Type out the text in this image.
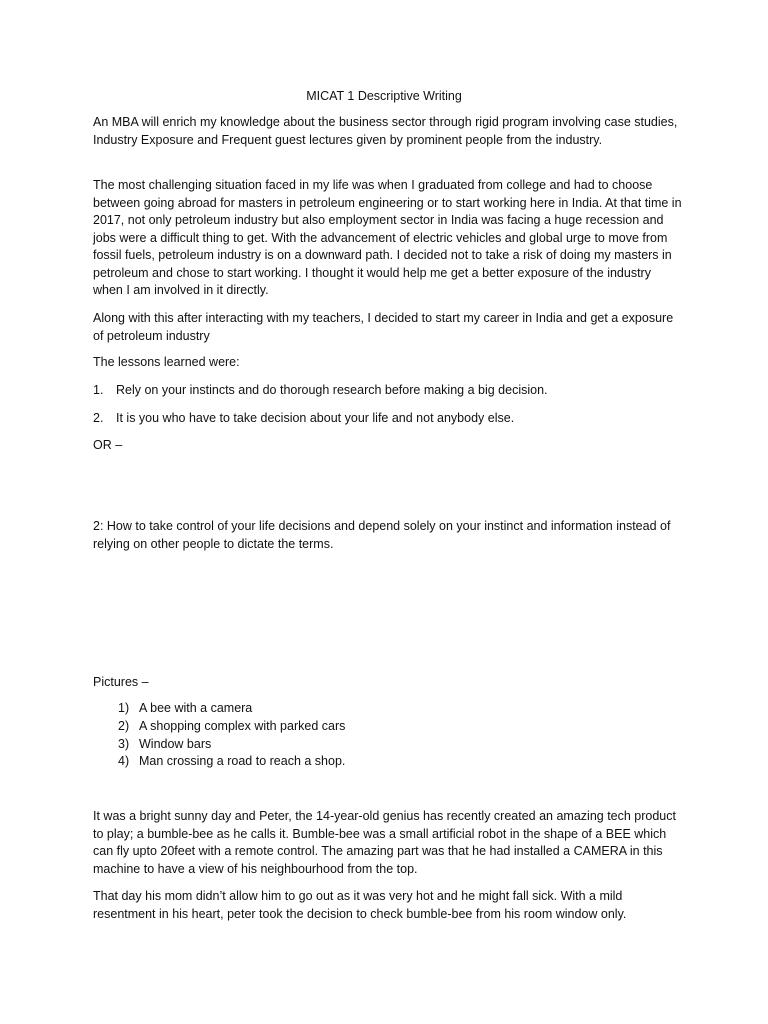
MICAT 1 Descriptive Writing

An MBA will enrich my knowledge about the business sector through rigid program involving case studies, Industry Exposure and Frequent guest lectures given by prominent people from the industry.

The most challenging situation faced in my life was when I graduated from college and had to choose between going abroad for masters in petroleum engineering or to start working here in India. At that time in 2017, not only petroleum industry but also employment sector in India was facing a huge recession and jobs were a difficult thing to get. With the advancement of electric vehicles and global urge to move from fossil fuels, petroleum industry is on a downward path. I decided not to take a risk of doing my masters in petroleum and chose to start working. I thought it would help me get a better exposure of the industry when I am involved in it directly.

Along with this after interacting with my teachers, I decided to start my career in India and get a exposure of petroleum industry

The lessons learned were:

1. Rely on your instincts and do thorough research before making a big decision.
2. It is you who have to take decision about your life and not anybody else.

OR –

2: How to take control of your life decisions and depend solely on your instinct and information instead of relying on other people to dictate the terms.

Pictures –

1) A bee with a camera
2) A shopping complex with parked cars
3) Window bars
4) Man crossing a road to reach a shop.

It was a bright sunny day and Peter, the 14-year-old genius has recently created an amazing tech product to play; a bumble-bee as he calls it. Bumble-bee was a small artificial robot in the shape of a BEE which can fly upto 20feet with a remote control. The amazing part was that he had installed a CAMERA in this machine to have a view of his neighbourhood from the top.

That day his mom didn’t allow him to go out as it was very hot and he might fall sick. With a mild resentment in his heart, peter took the decision to check bumble-bee from his room window only.
